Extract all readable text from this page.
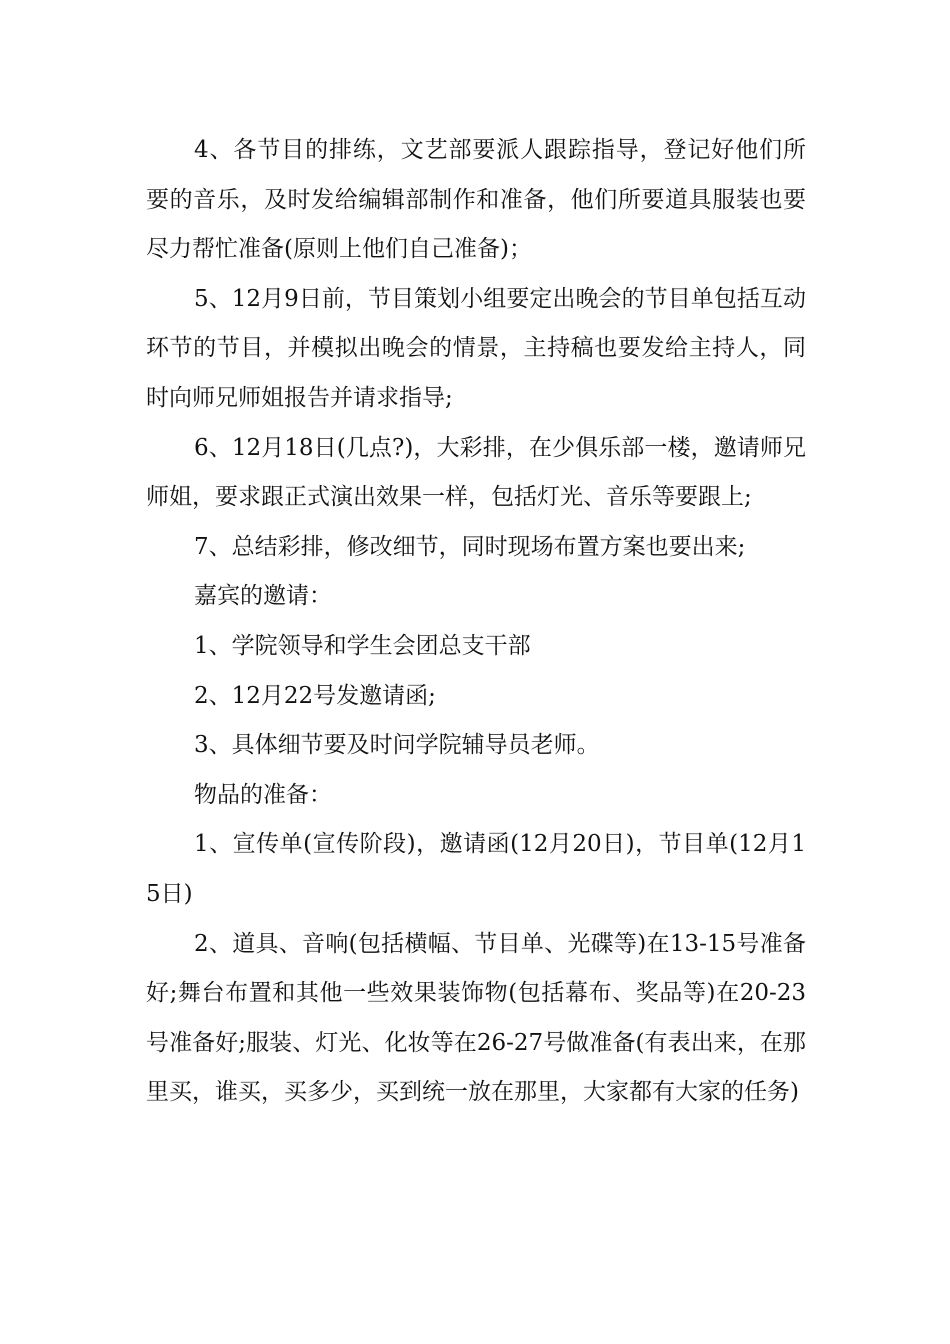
4、各节目的排练，文艺部要派人跟踪指导，登记好他们所要的音乐，及时发给编辑部制作和准备，他们所要道具服装也要尽力帮忙准备(原则上他们自己准备)；

5、12月9日前，节目策划小组要定出晚会的节目单包括互动环节的节目，并模拟出晚会的情景，主持稿也要发给主持人，同时向师兄师姐报告并请求指导;

6、12月18日(几点?)，大彩排，在少俱乐部一楼，邀请师兄师姐，要求跟正式演出效果一样，包括灯光、音乐等要跟上;

7、总结彩排，修改细节，同时现场布置方案也要出来;

嘉宾的邀请：

1、学院领导和学生会团总支干部

2、12月22号发邀请函;

3、具体细节要及时问学院辅导员老师。

物品的准备：

1、宣传单(宣传阶段)，邀请函(12月20日)，节目单(12月15日)

2、道具、音响(包括横幅、节目单、光碟等)在13-15号准备好;舞台布置和其他一些效果装饰物(包括幕布、奖品等)在20-23号准备好;服装、灯光、化妆等在26-27号做准备(有表出来，在那里买，谁买，买多少，买到统一放在那里，大家都有大家的任务)
